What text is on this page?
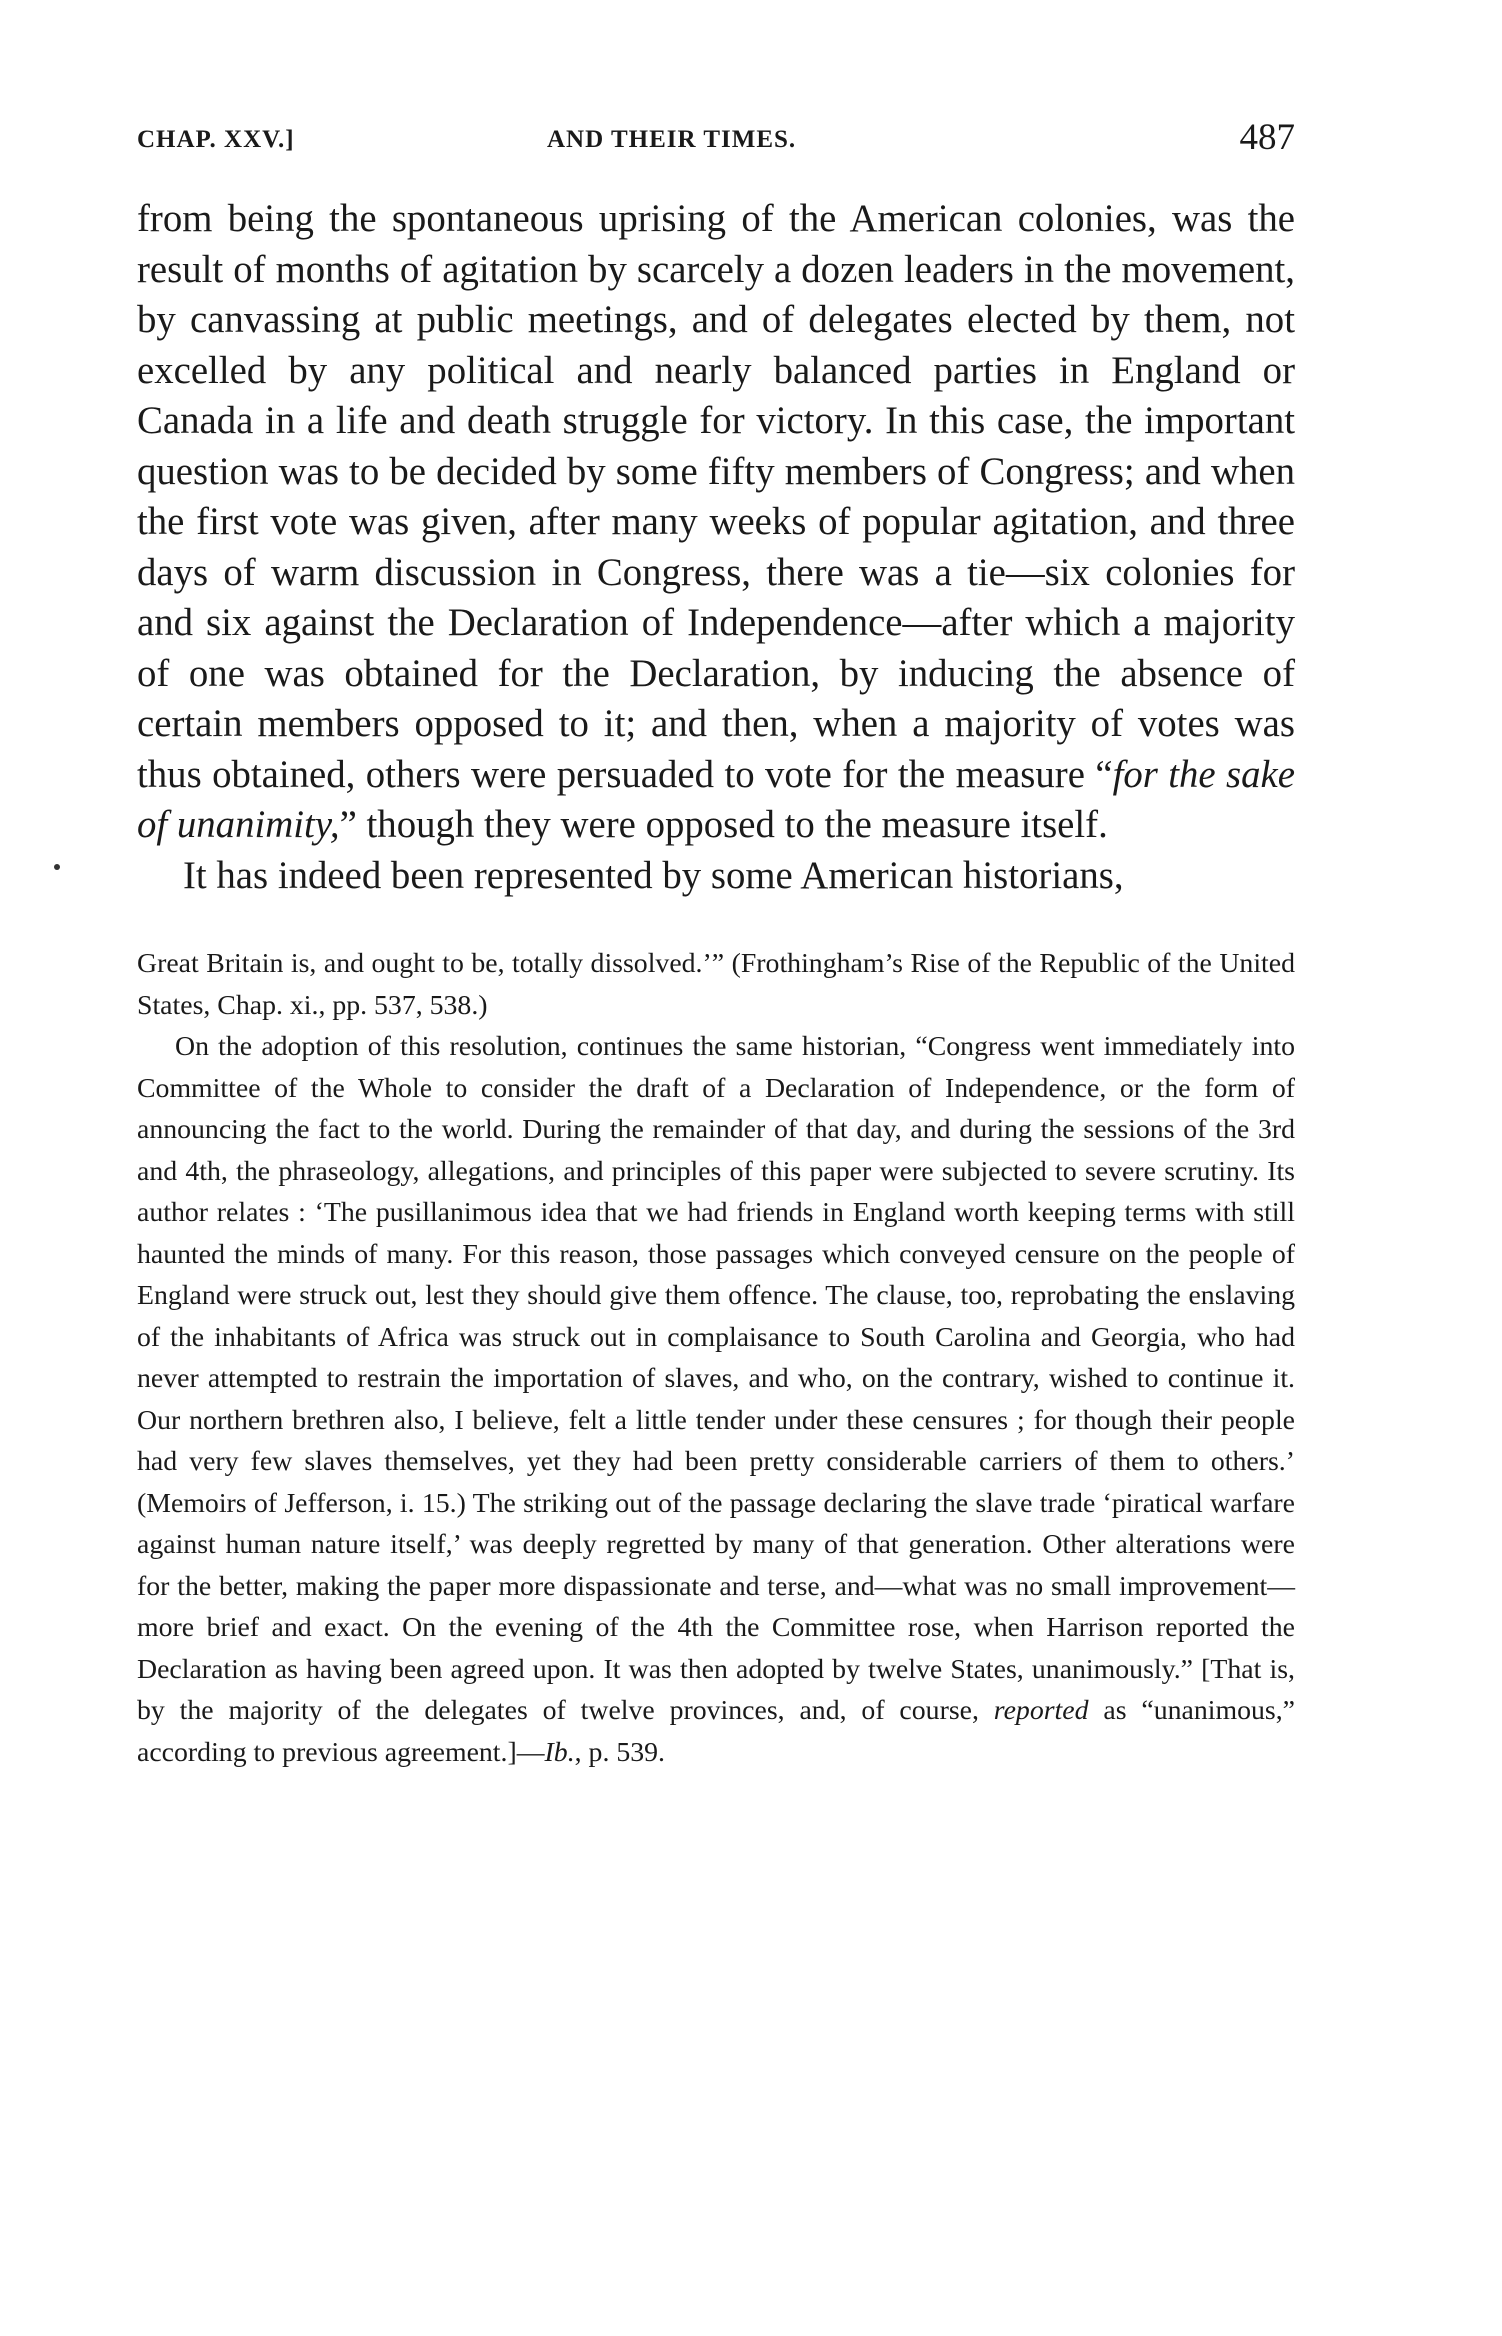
CHAP. XXV.]	AND THEIR TIMES.	487

from being the spontaneous uprising of the American colonies, was the result of months of agitation by scarcely a dozen leaders in the movement, by canvassing at public meetings, and of delegates elected by them, not excelled by any political and nearly balanced parties in England or Canada in a life and death struggle for victory. In this case, the important question was to be decided by some fifty members of Congress; and when the first vote was given, after many weeks of popular agitation, and three days of warm discussion in Congress, there was a tie—six colonies for and six against the Declaration of Independence—after which a majority of one was obtained for the Declaration, by inducing the absence of certain members opposed to it; and then, when a majority of votes was thus obtained, others were persuaded to vote for the measure “for the sake of unanimity,” though they were opposed to the measure itself.

It has indeed been represented by some American historians,

Great Britain is, and ought to be, totally dissolved.’” (Frothingham’s Rise of the Republic of the United States, Chap. xi., pp. 537, 538.)

On the adoption of this resolution, continues the same historian, “Congress went immediately into Committee of the Whole to consider the draft of a Declaration of Independence, or the form of announcing the fact to the world. During the remainder of that day, and during the sessions of the 3rd and 4th, the phraseology, allegations, and principles of this paper were subjected to severe scrutiny. Its author relates : ‘The pusillanimous idea that we had friends in England worth keeping terms with still haunted the minds of many. For this reason, those passages which conveyed censure on the people of England were struck out, lest they should give them offence. The clause, too, reprobating the enslaving of the inhabitants of Africa was struck out in complaisance to South Carolina and Georgia, who had never attempted to restrain the importation of slaves, and who, on the contrary, wished to continue it. Our northern brethren also, I believe, felt a little tender under these censures ; for though their people had very few slaves themselves, yet they had been pretty considerable carriers of them to others.’ (Memoirs of Jefferson, i. 15.) The striking out of the passage declaring the slave trade ‘piratical warfare against human nature itself,’ was deeply regretted by many of that generation. Other alterations were for the better, making the paper more dispassionate and terse, and—what was no small improvement—more brief and exact. On the evening of the 4th the Committee rose, when Harrison reported the Declaration as having been agreed upon. It was then adopted by twelve States, unanimously.” [That is, by the majority of the delegates of twelve provinces, and, of course, reported as “unanimous,” according to previous agreement.]—Ib., p. 539.
